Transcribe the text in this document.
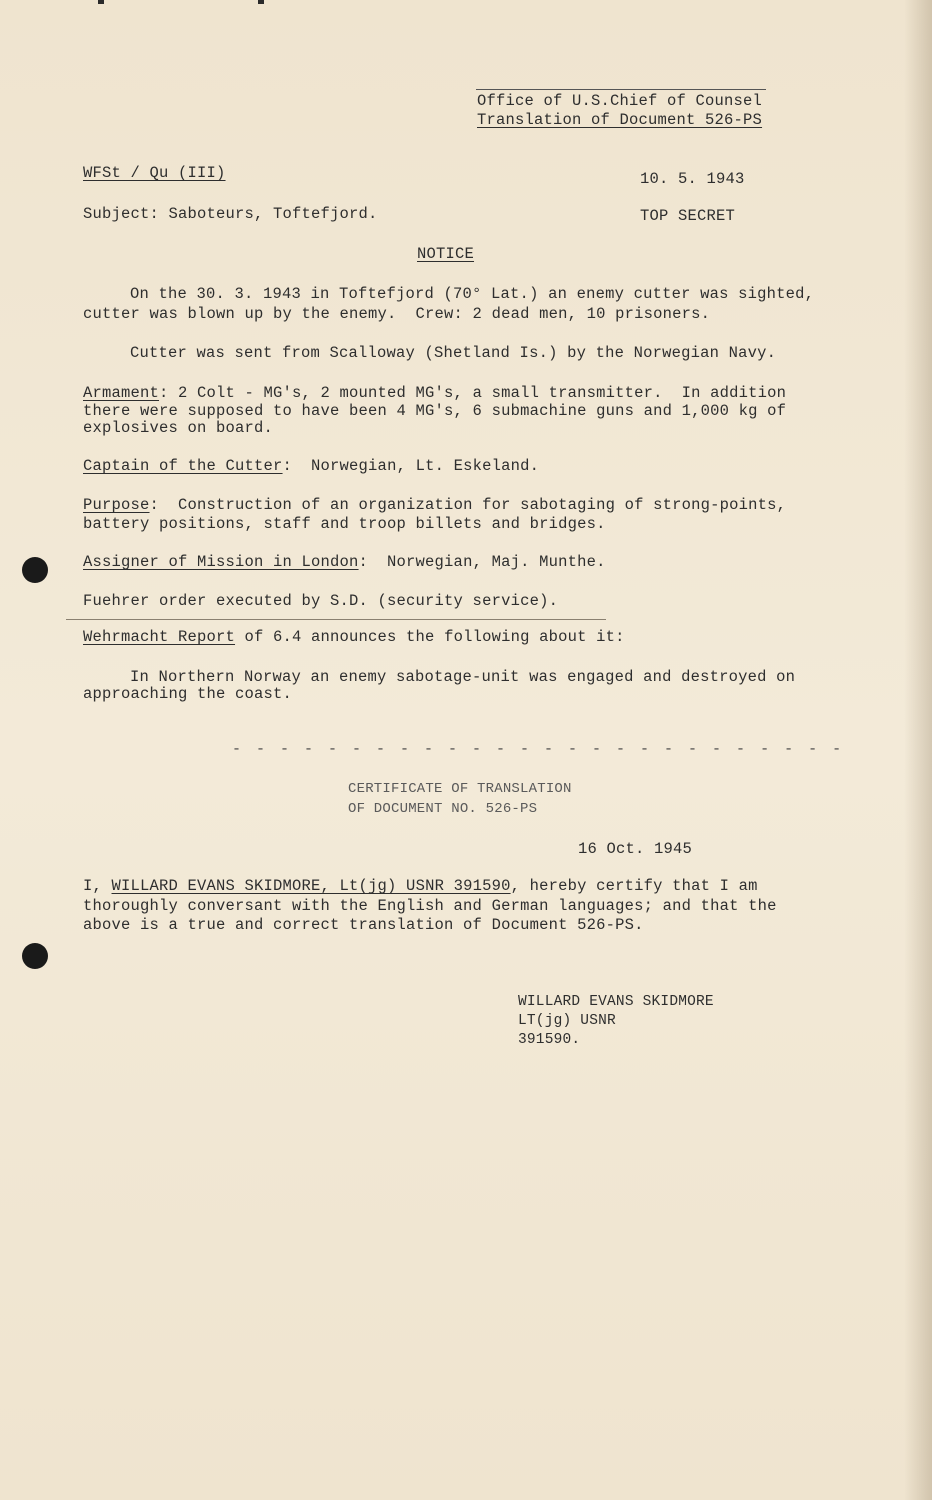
Office of U.S.Chief of Counsel
Translation of Document 526-PS
WFSt / Qu (III)	10. 5. 1943
Subject: Saboteurs, Toftefjord.	TOP SECRET
NOTICE
On the 30. 3. 1943 in Toftefjord (70° Lat.) an enemy cutter was sighted,
cutter was blown up by the enemy.  Crew: 2 dead men, 10 prisoners.
Cutter was sent from Scalloway (Shetland Is.) by the Norwegian Navy.
Armament: 2 Colt - MG's, 2 mounted MG's, a small transmitter.  In addition
there were supposed to have been 4 MG's, 6 submachine guns and 1,000 kg of
explosives on board.
Captain of the Cutter:  Norwegian, Lt. Eskeland.
Purpose:  Construction of an organization for sabotaging of strong-points,
battery positions, staff and troop billets and bridges.
Assigner of Mission in London:  Norwegian, Maj. Munthe.
Fuehrer order executed by S.D. (security service).
Wehrmacht Report of 6.4 announces the following about it:
In Northern Norway an enemy sabotage-unit was engaged and destroyed on
approaching the coast.
- - - - - - - - - - - - - - - - - - - - - - - - - -
CERTIFICATE OF TRANSLATION
OF DOCUMENT NO. 526-PS
16 Oct. 1945
I, WILLARD EVANS SKIDMORE, Lt(jg) USNR 391590, hereby certify that I am
thoroughly conversant with the English and German languages; and that the
above is a true and correct translation of Document 526-PS.
WILLARD EVANS SKIDMORE
LT(jg) USNR
391590.
